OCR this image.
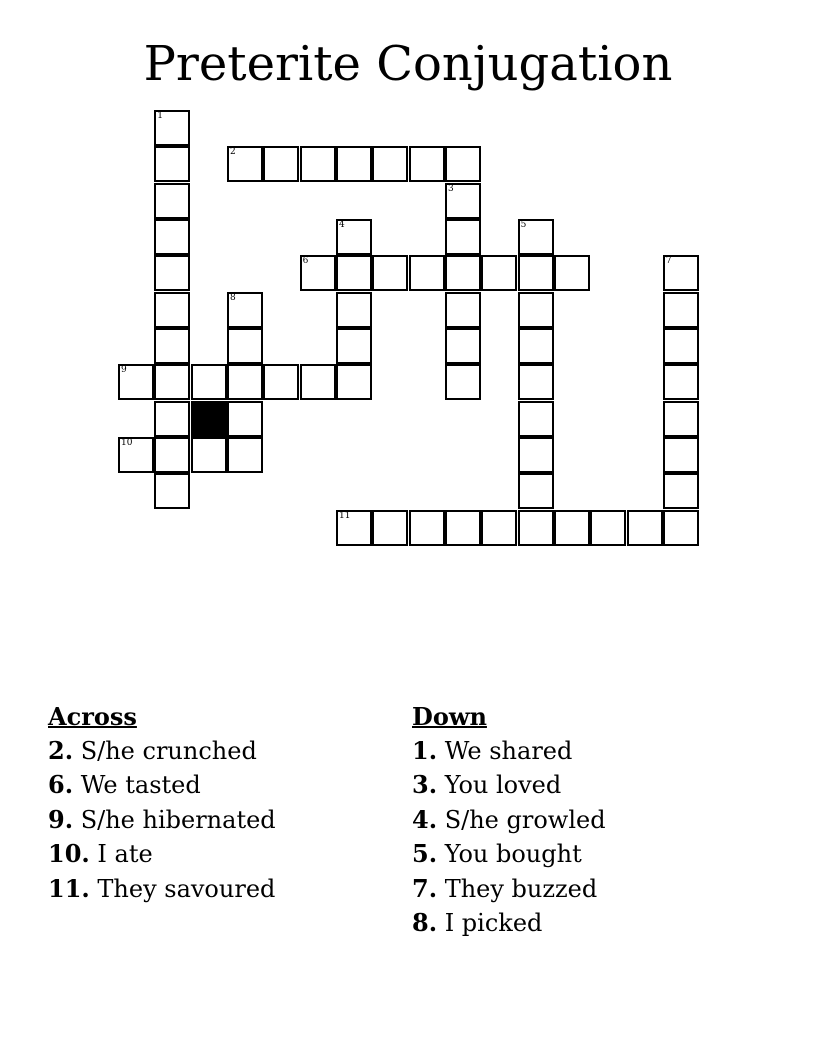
Preterite Conjugation
1
2
3
4	5
6	7
8
9
10
11
Across
2. S/he crunched
6. We tasted
9. S/he hibernated
10. I ate
11. They savoured
Down
1. We shared
3. You loved
4. S/he growled
5. You bought
7. They buzzed
8. I picked
